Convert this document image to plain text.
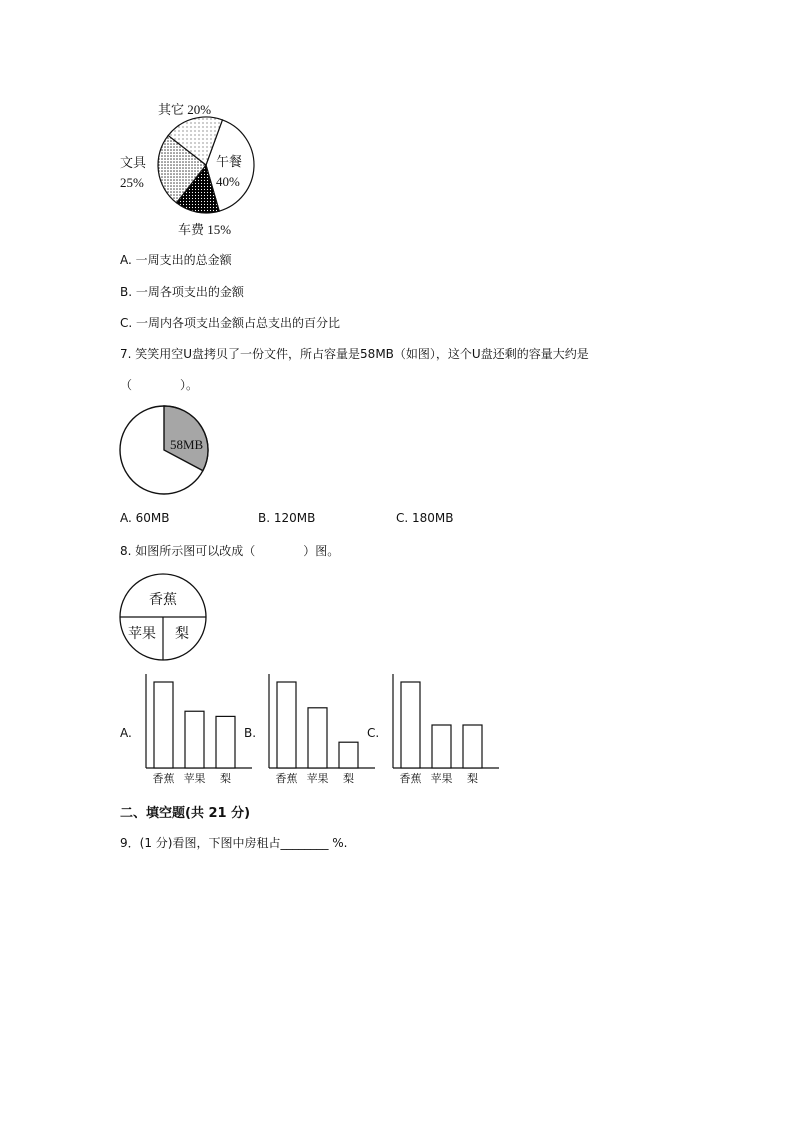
其它 20%
文具
25%
午餐
40%
车费 15%
A. 一周支出的总金额
B. 一周各项支出的金额
C. 一周内各项支出金额占总支出的百分比
7. 笑笑用空U盘拷贝了一份文件，所占容量是58MB（如图），这个U盘还剩的容量大约是
（　　　　）。
58MB
A. 60MB	B. 120MB	C. 180MB
8. 如图所示图可以改成（　　　　）图。
香蕉
苹果 梨
A.
香蕉 苹果 梨
B.
香蕉 苹果 梨
C.
香蕉 苹果 梨
二、填空题(共 21 分)
9．(1 分)看图，下图中房租占________ %.
